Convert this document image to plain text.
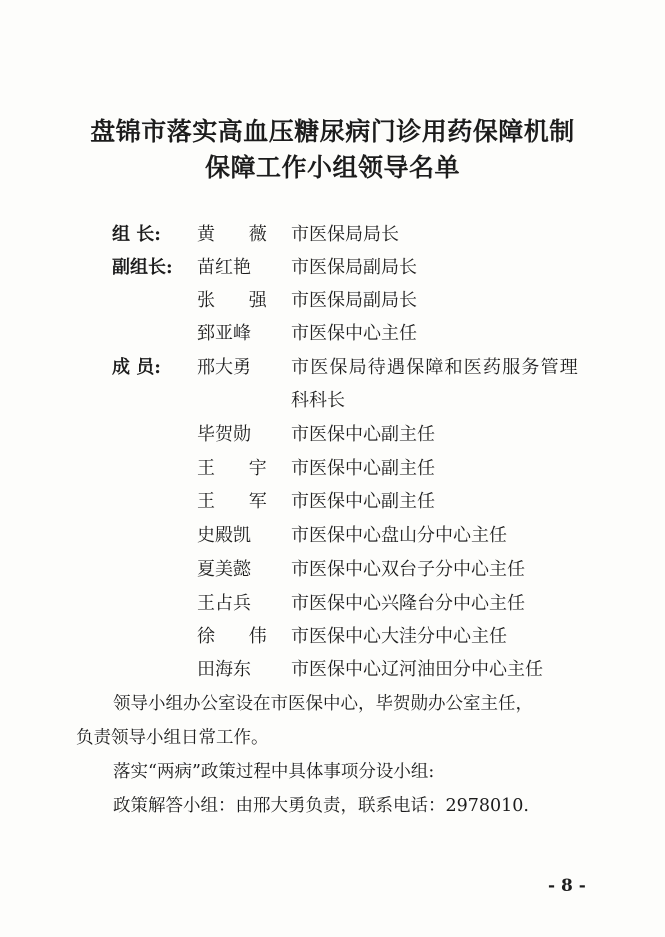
盘锦市落实高血压糖尿病门诊用药保障机制
保障工作小组领导名单
组 长: 黄 薇 市医保局局长
副组长: 苗红艳 市医保局副局长
张 强 市医保局副局长
郅亚峰 市医保中心主任
成 员: 邢大勇 市医保局待遇保障和医药服务管理
科科长
毕贺勋 市医保中心副主任
王 宇 市医保中心副主任
王 军 市医保中心副主任
史殿凯 市医保中心盘山分中心主任
夏美懿 市医保中心双台子分中心主任
王占兵 市医保中心兴隆台分中心主任
徐 伟 市医保中心大洼分中心主任
田海东 市医保中心辽河油田分中心主任
领导小组办公室设在市医保中心，毕贺勋办公室主任，
负责领导小组日常工作。
落实“两病”政策过程中具体事项分设小组:
政策解答小组：由邢大勇负责，联系电话：2978010.
- 8 -
